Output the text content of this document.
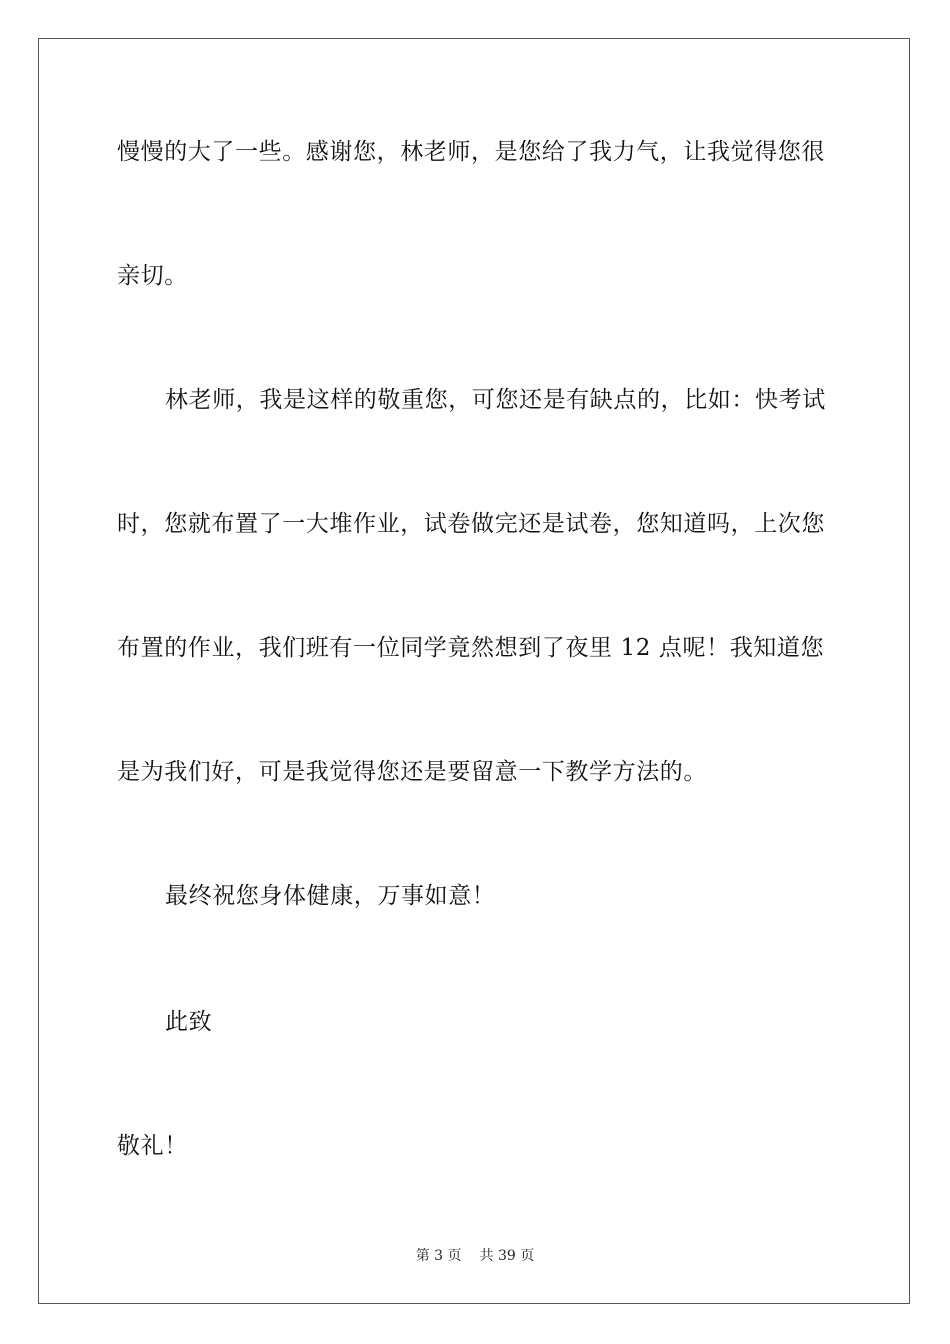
慢慢的大了一些。感谢您，林老师，是您给了我力气，让我觉得您很
亲切。
林老师，我是这样的敬重您，可您还是有缺点的，比如：快考试
时，您就布置了一大堆作业，试卷做完还是试卷，您知道吗，上次您
布置的作业，我们班有一位同学竟然想到了夜里 12 点呢！我知道您
是为我们好，可是我觉得您还是要留意一下教学方法的。
最终祝您身体健康，万事如意！
此致
敬礼！
第 3 页 共 39 页
